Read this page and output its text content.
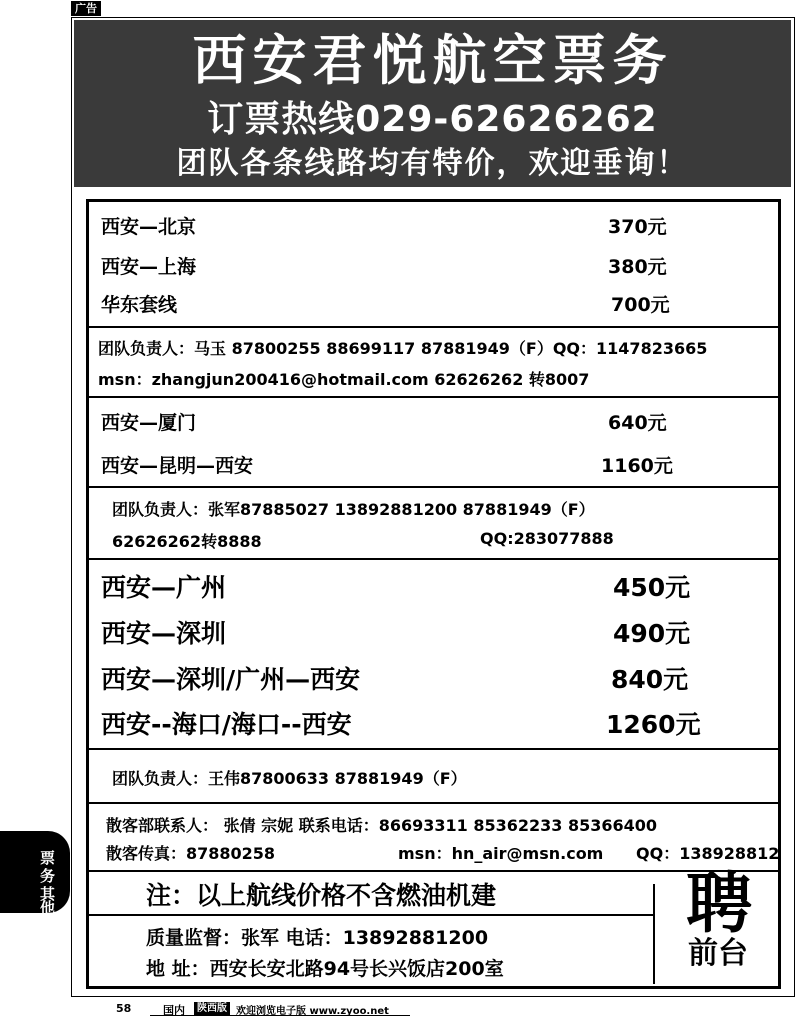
广告
西安君悦航空票务
订票热线029-62626262
团队各条线路均有特价，欢迎垂询！
西安—北京	370元
西安—上海	380元
华东套线	700元
团队负责人：马玉 87800255 88699117 87881949（F）QQ：1147823665
msn：zhangjun200416@hotmail.com 62626262 转8007
西安—厦门	640元
西安—昆明—西安	1160元
团队负责人：张军87885027 13892881200 87881949（F）
62626262转8888	QQ:283077888
西安—广州	450元
西安—深圳	490元
西安—深圳/广州—西安	840元
西安--海口/海口--西安	1260元
团队负责人：王伟87800633 87881949（F）
散客部联系人： 张倩 宗妮 联系电话：86693311 85362233 85366400
散客传真：87880258	msn：hn_air@msn.com QQ：138928812
注：以上航线价格不含燃油机建
质量监督：张军 电话：13892881200
地 址：西安长安北路94号长兴饭店200室
聘
前台
票
务
其
他
58	国内	陕西版 欢迎浏览电子版 www.zyoo.net
